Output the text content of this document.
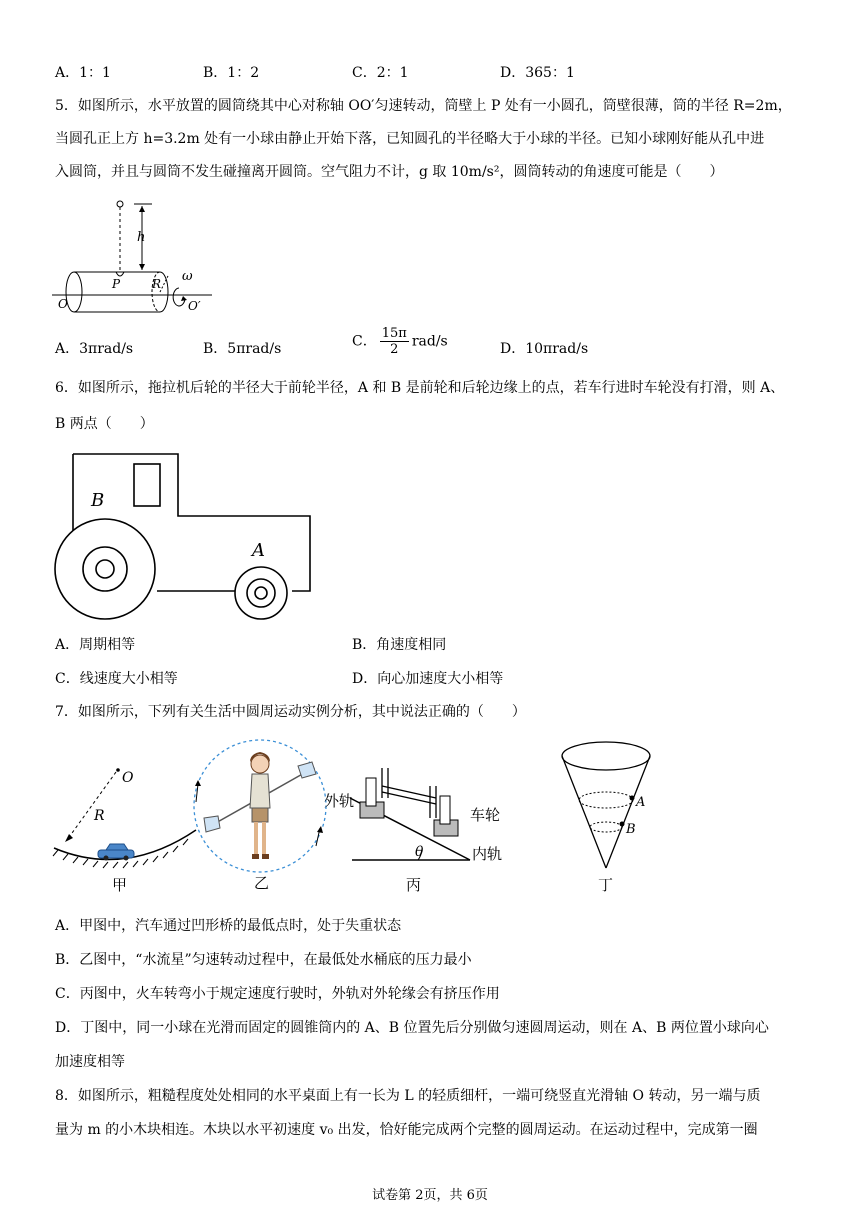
A．1：1	B．1：2	C．2：1	D．365：1
5．如图所示，水平放置的圆筒绕其中心对称轴 OO′匀速转动，筒壁上 P 处有一小圆孔，筒壁很薄，筒的半径 R=2m，
当圆孔正上方 h=3.2m 处有一小球由静止开始下落，已知圆孔的半径略大于小球的半径。已知小球刚好能从孔中进
入圆筒，并且与圆筒不发生碰撞离开圆筒。空气阻力不计，g 取 10m/s²，圆筒转动的角速度可能是（　　）
h
P	R
O	O′
ω
A．3πrad/s	B．5πrad/s	C． $\frac{15\pi}{2} rad/s$	D．10πrad/s
6．如图所示，拖拉机后轮的半径大于前轮半径，A 和 B 是前轮和后轮边缘上的点，若车行进时车轮没有打滑，则 A、
B 两点（　　）
B
A
A．周期相等	B．角速度相同
C．线速度大小相等	D．向心加速度大小相等
7．如图所示，下列有关生活中圆周运动实例分析，其中说法正确的（　　）
O
R
甲	乙
θ
外轨
车轮
内轨
丙
A
B
丁
A．甲图中，汽车通过凹形桥的最低点时，处于失重状态
B．乙图中，“水流星”匀速转动过程中，在最低处水桶底的压力最小
C．丙图中，火车转弯小于规定速度行驶时，外轨对外轮缘会有挤压作用
D．丁图中，同一小球在光滑而固定的圆锥筒内的 A、B 位置先后分别做匀速圆周运动，则在 A、B 两位置小球向心
加速度相等
8．如图所示，粗糙程度处处相同的水平桌面上有一长为 L 的轻质细杆，一端可绕竖直光滑轴 O 转动，另一端与质
量为 m 的小木块相连。木块以水平初速度 v₀ 出发，恰好能完成两个完整的圆周运动。在运动过程中，完成第一圈
试卷第 2页，共 6页
